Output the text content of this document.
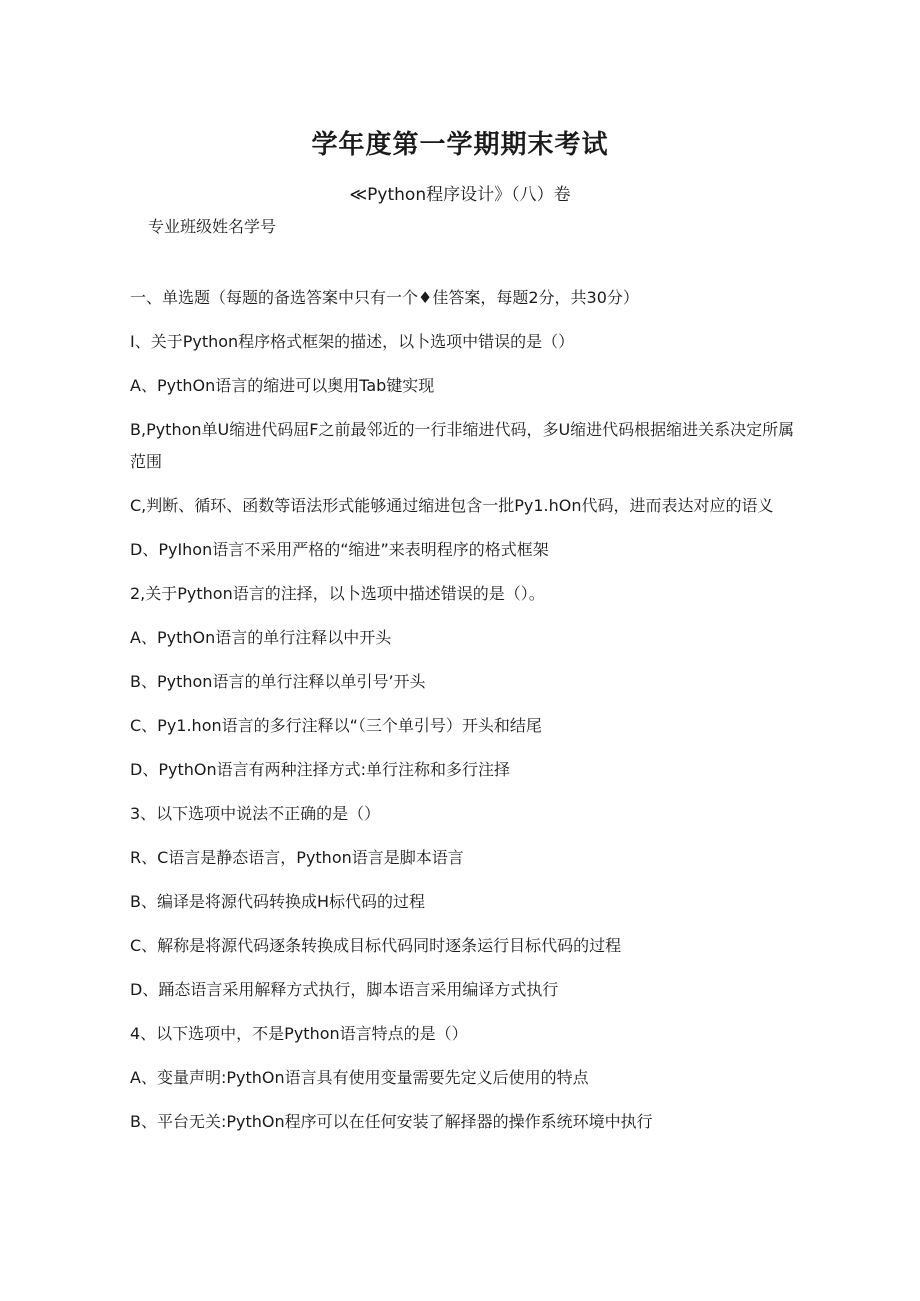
学年度第一学期期末考试
≪Python程序设计》（八）卷
专业班级姓名学号
一、单选题（每题的备选答案中只有一个♦佳答案，每题2分，共30分）
I、关于Python程序格式框架的描述，以卜选项中错误的是（）
A、PythOn语言的缩进可以奥用Tab键实现
B,Python单U缩进代码屈F之前最邻近的一行非缩进代码，多U缩进代码根据缩进关系决定所属范围
C,判断、循环、函数等语法形式能够通过缩进包含一批Py1.hOn代码，进而表达对应的语义
D、PyIhon语言不采用严格的“缩进”来表明程序的格式框架
2,关于Python语言的注择，以卜选项中描述错误的是（）。
A、PythOn语言的单行注释以中开头
B、Python语言的单行注释以单引号’开头
C、Py1.hon语言的多行注释以“（三个单引号）开头和结尾
D、PythOn语言有两种注择方式:单行注称和多行注择
3、以下选项中说法不正确的是（）
R、C语言是静态语言，Python语言是脚本语言
B、编译是将源代码转换成H标代码的过程
C、解称是将源代码逐条转换成目标代码同时逐条运行目标代码的过程
D、踊态语言采用解释方式执行，脚本语言采用编译方式执行
4、以下选项中，不是Python语言特点的是（）
A、变量声明:PythOn语言具有使用变量需要先定义后使用的特点
B、平台无关:PythOn程序可以在任何安装了解择器的操作系统环境中执行
